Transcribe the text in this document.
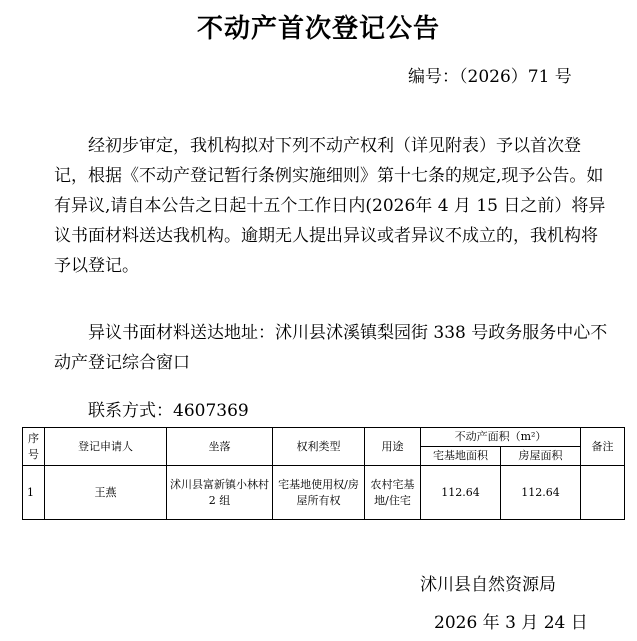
不动产首次登记公告
编号：（2026）71 号

经初步审定，我机构拟对下列不动产权利（详见附表）予以首次登记，根据《不动产登记暂行条例实施细则》第十七条的规定,现予公告。如有异议,请自本公告之日起十五个工作日内(2026年 4 月 15 日之前）将异议书面材料送达我机构。逾期无人提出异议或者异议不成立的，我机构将予以登记。

异议书面材料送达地址：沭川县沭溪镇梨园街 338 号政务服务中心不动产登记综合窗口

联系方式：4607369
序号	登记申请人	坐落	权利类型	用途	不动产面积（m²）		备注
					宅基地面积	房屋面积	
1	王燕	沭川县富新镇小林村 2 组	宅基地使用权/房屋所有权	农村宅基地/住宅	112.64	112.64	
沭川县自然资源局
2026 年 3 月 24 日
